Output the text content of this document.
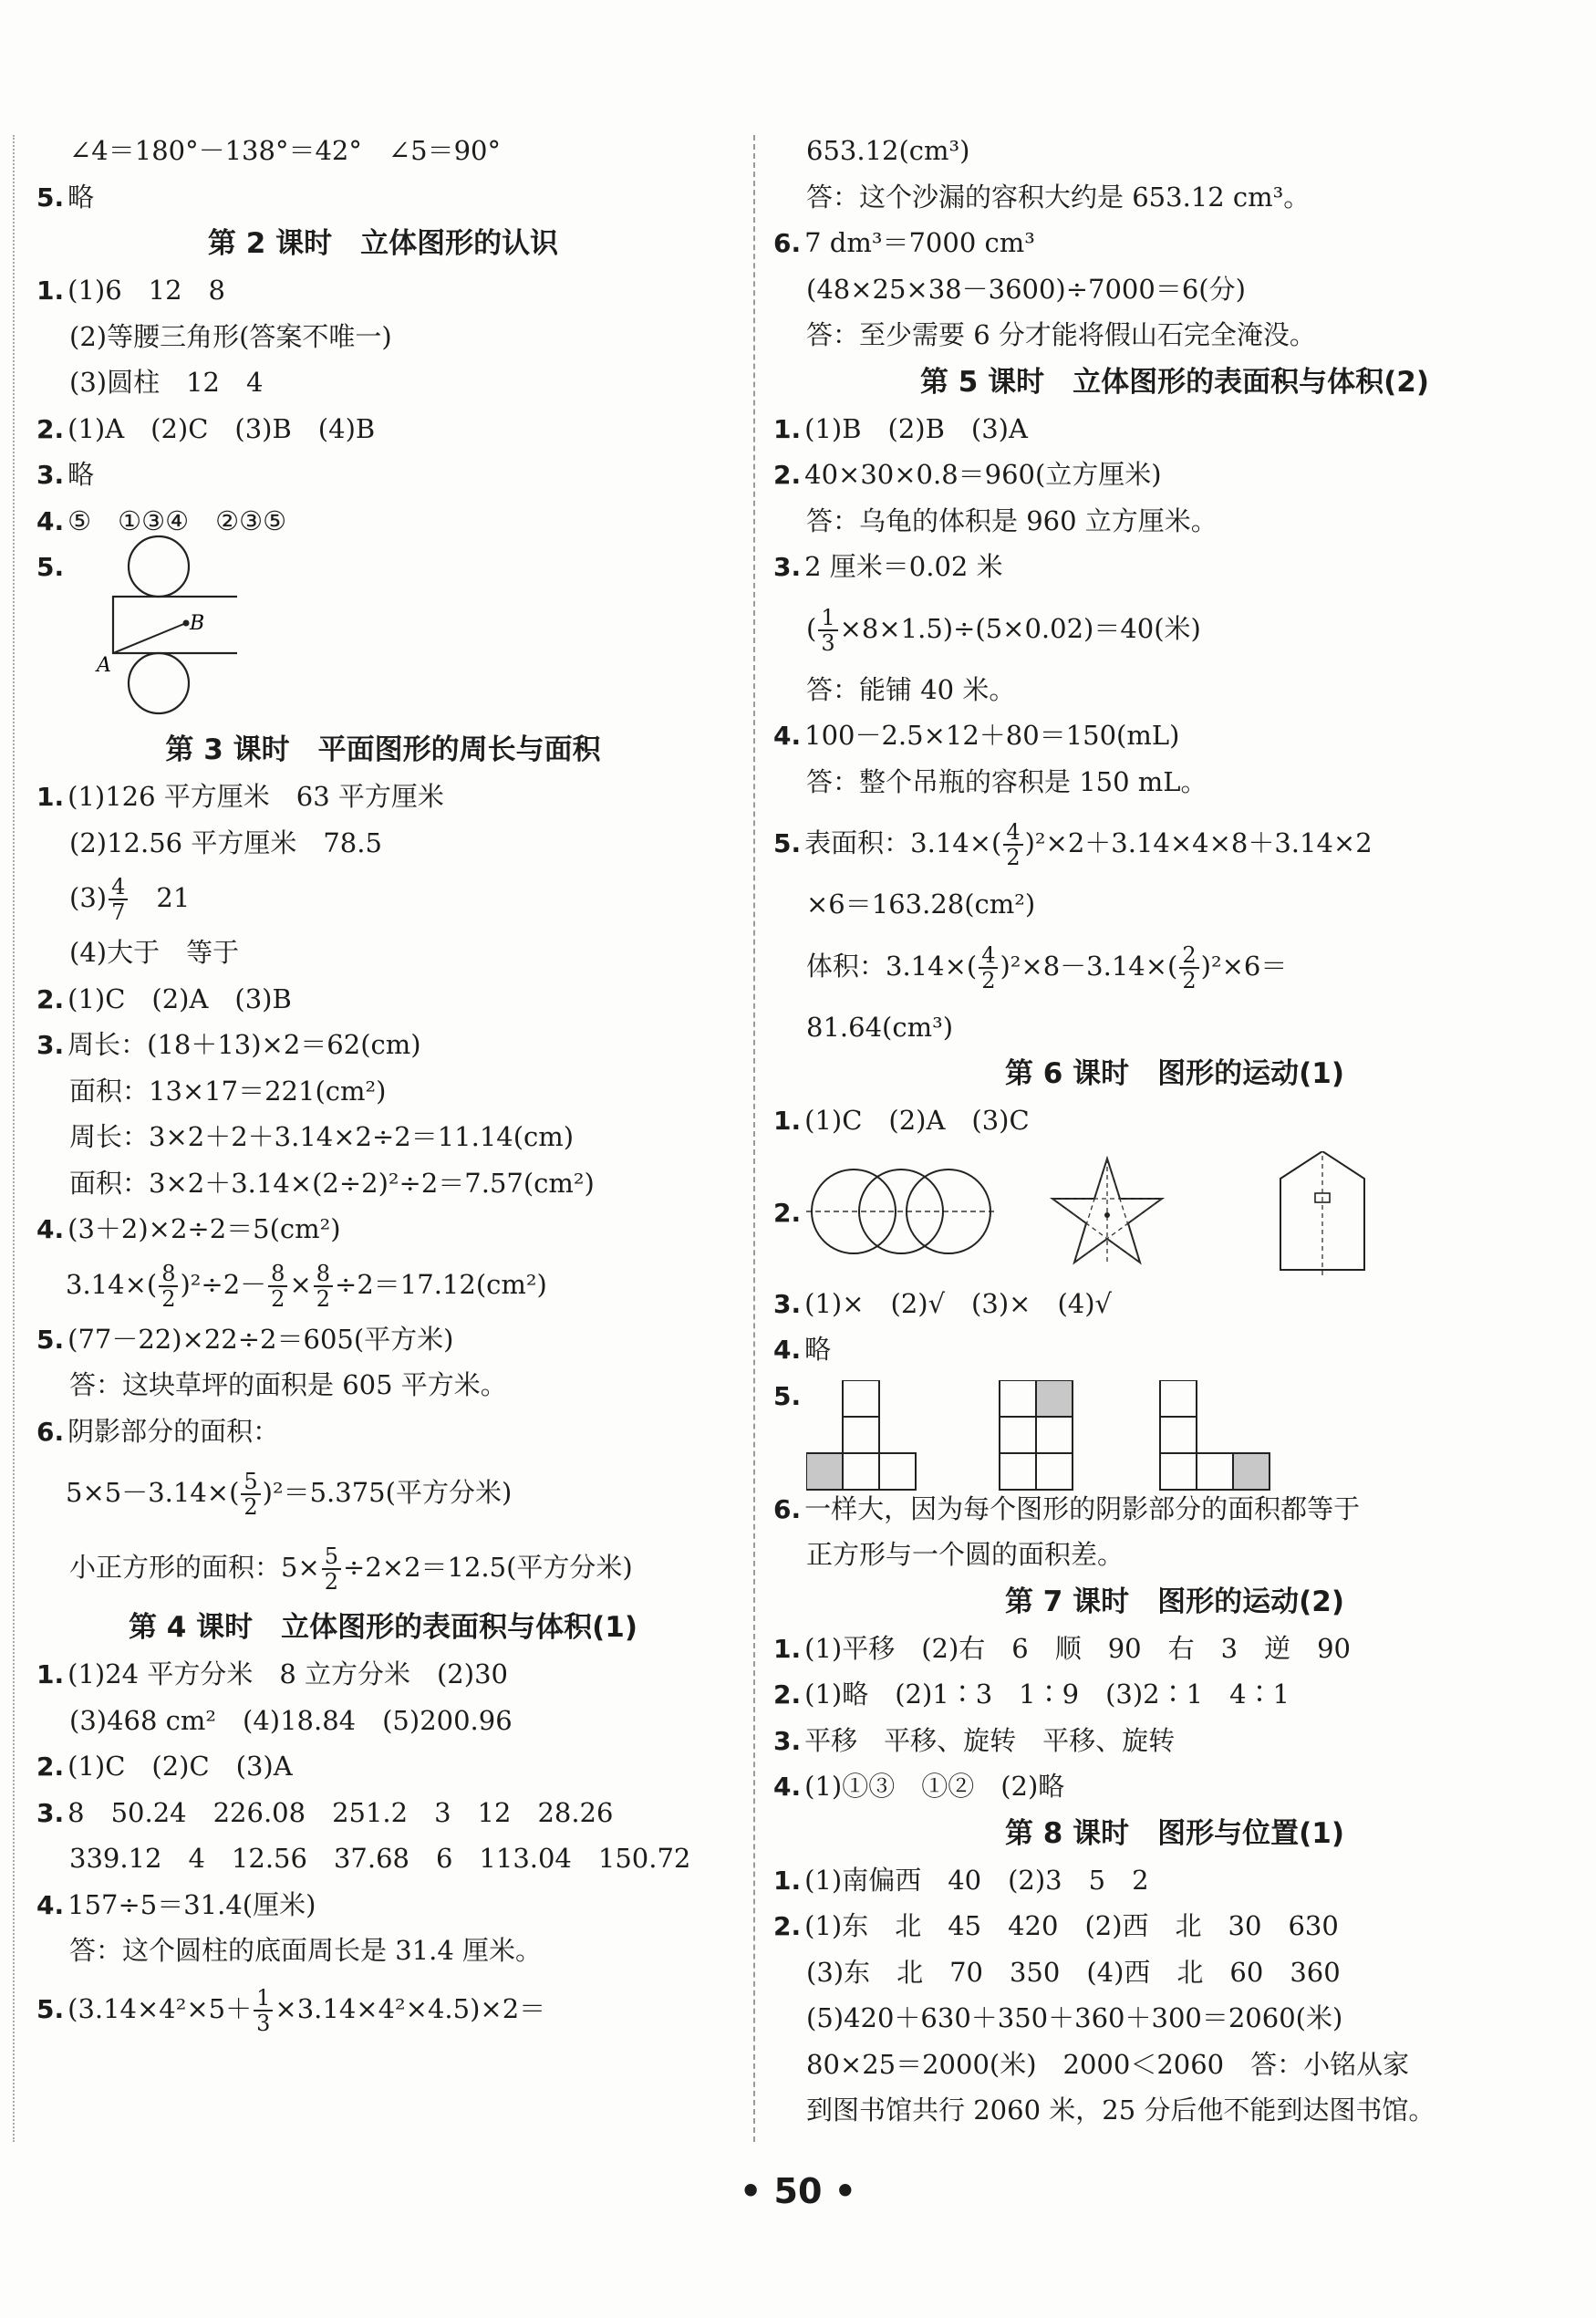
∠4＝180°－138°＝42°　∠5＝90°
5. 略
第 2 课时　立体图形的认识
1. (1)6　12　8
(2)等腰三角形(答案不唯一)
(3)圆柱　12　4
2. (1)A　(2)C　(3)B　(4)B
3. 略
4. ⑤　①③④　②③⑤
5.
B
A
第 3 课时　平面图形的周长与面积
1. (1)126 平方厘米　63 平方厘米
(2)12.56 平方厘米　78.5
$(3) \frac{4}{7}$ 　21
(4)大于　等于
2. (1)C　(2)A　(3)B
3. 周长：(18＋13)×2＝62(cm)
面积：13×17＝221(cm²)
周长：3×2＋2＋3.14×2÷2＝11.14(cm)
面积：3×2＋3.14×(2÷2)²÷2＝7.57(cm²)
4. (3＋2)×2÷2＝5(cm²)
$3.14\times( \frac{8}{2} )^2\div 2- \frac{8}{2} \times \frac{8}{2} \div 2=17.12(cm^2)$
5. (77－22)×22÷2＝605(平方米)
答：这块草坪的面积是 605 平方米。
6. 阴影部分的面积：
$5\times 5-3.14\times( \frac{5}{2} )^2=5.375$(平方分米)
小正方形的面积：$5\times \frac{5}{2} \div 2\times 2=12.5$(平方分米)
第 4 课时　立体图形的表面积与体积(1)
1. (1)24 平方分米　8 立方分米　(2)30
(3)468 cm²　(4)18.84　(5)200.96
2. (1)C　(2)C　(3)A
3. 8　50.24　226.08　251.2　3　12　28.26
339.12　4　12.56　37.68　6　113.04　150.72
4. 157÷5＝31.4(厘米)
答：这个圆柱的底面周长是 31.4 厘米。
5. $(3.14\times 4^2\times 5+ \frac{1}{3} \times 3.14\times 4^2\times 4.5)\times 2=$
653.12(cm³)
答：这个沙漏的容积大约是 653.12 cm³。
6. 7 dm³＝7000 cm³
(48×25×38－3600)÷7000＝6(分)
答：至少需要 6 分才能将假山石完全淹没。
第 5 课时　立体图形的表面积与体积(2)
1. (1)B　(2)B　(3)A
2. 40×30×0.8＝960(立方厘米)
答：乌龟的体积是 960 立方厘米。
3. 2 厘米＝0.02 米
( $\frac{1}{3} \times 8\times 1.5)\div(5\times 0.02)=40$(米)
答：能铺 40 米。
4. 100－2.5×12＋80＝150(mL)
答：整个吊瓶的容积是 150 mL。
5. 表面积：$3.14\times( \frac{4}{2} )^2\times 2+3.14\times 4\times 8+3.14\times 2$
×6＝163.28(cm²)
体积：$3.14\times( \frac{4}{2} )^2\times 8-3.14\times( \frac{2}{2} )^2\times 6=$
81.64(cm³)
第 6 课时　图形的运动(1)
1. (1)C　(2)A　(3)C
2.
3. (1)×　(2)√　(3)×　(4)√
4. 略
5.
6. 一样大，因为每个图形的阴影部分的面积都等于
正方形与一个圆的面积差。
第 7 课时　图形的运动(2)
1. (1)平移　(2)右　6　顺　90　右　3　逆　90
2. (1)略　(2)1∶3　1∶9　(3)2∶1　4∶1
3. 平移　平移、旋转　平移、旋转
4. (1)①③　①②　(2)略
第 8 课时　图形与位置(1)
1. (1)南偏西　40　(2)3　5　2
2. (1)东　北　45　420　(2)西　北　30　630
(3)东　北　70　350　(4)西　北　60　360
(5)420＋630＋350＋360＋300＝2060(米)
80×25＝2000(米)　2000＜2060　答：小铭从家
到图书馆共行 2060 米，25 分后他不能到达图书馆。
• 50 •
